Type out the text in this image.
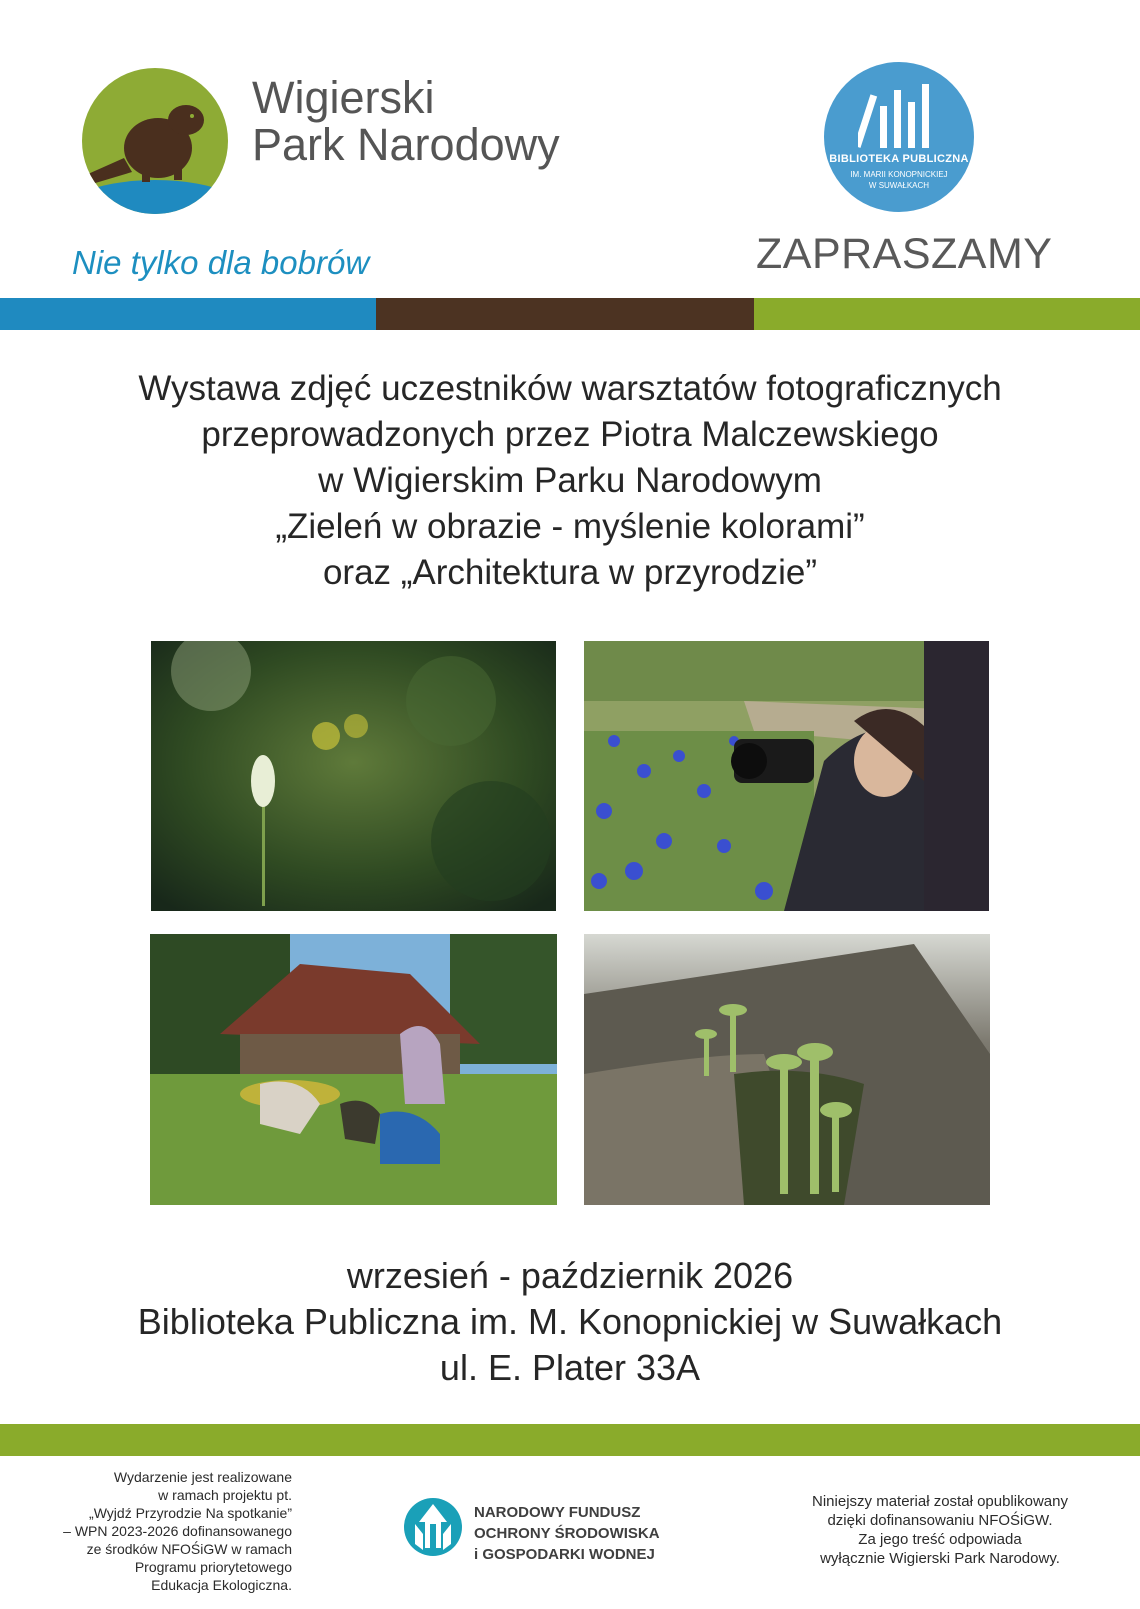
Wigierski
Park Narodowy
Nie tylko dla bobrów
BIBLIOTEKA PUBLICZNA
IM. MARII KONOPNICKIEJ
W SUWAŁKACH
ZAPRASZAMY
Wystawa zdjęć uczestników warsztatów fotograficznych
przeprowadzonych przez Piotra Malczewskiego
w Wigierskim Parku Narodowym
„Zieleń w obrazie - myślenie kolorami”
oraz „Architektura w przyrodzie”
wrzesień - październik 2026
Biblioteka Publiczna im. M. Konopnickiej w Suwałkach
ul. E. Plater 33A
Wydarzenie jest realizowane
w ramach projektu pt.
„Wyjdź Przyrodzie Na spotkanie”
– WPN 2023-2026 dofinansowanego
ze środków NFOŚiGW w ramach
Programu priorytetowego
Edukacja Ekologiczna.
NARODOWY FUNDUSZ
OCHRONY ŚRODOWISKA
i GOSPODARKI WODNEJ
Niniejszy materiał został opublikowany
dzięki dofinansowaniu NFOŚiGW.
Za jego treść odpowiada
wyłącznie Wigierski Park Narodowy.
